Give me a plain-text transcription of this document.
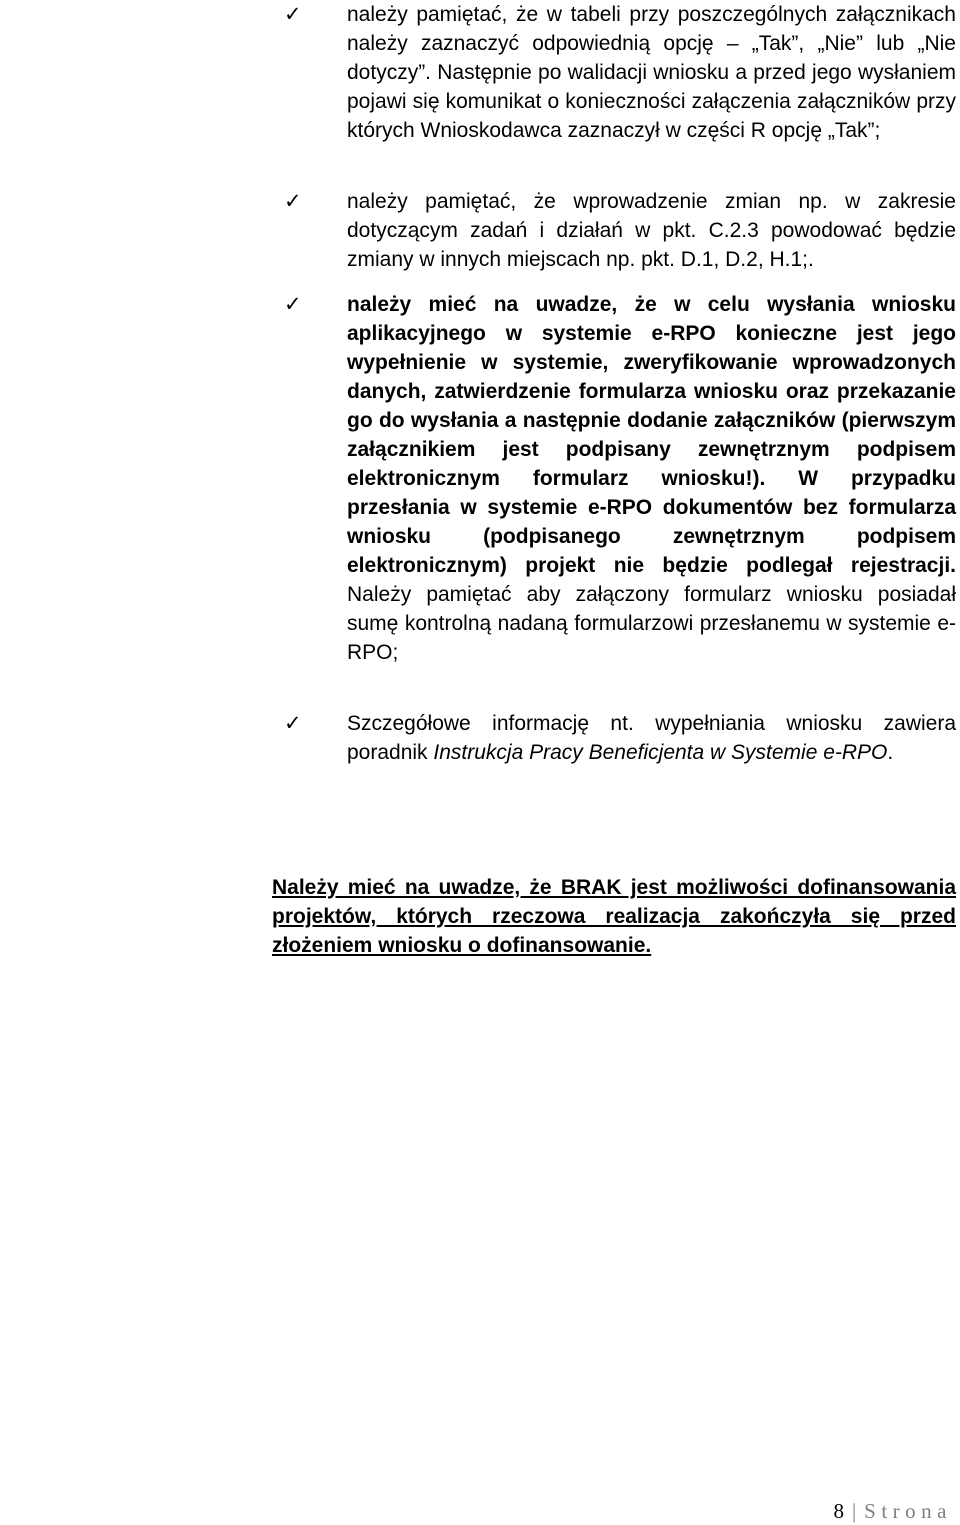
✓ należy pamiętać, że w tabeli przy poszczególnych załącznikach należy zaznaczyć odpowiednią opcję – „Tak”, „Nie” lub „Nie dotyczy”. Następnie po walidacji wniosku a przed jego wysłaniem pojawi się komunikat o konieczności załączenia załączników przy których Wnioskodawca zaznaczył w części R opcję „Tak”;
✓ należy pamiętać, że wprowadzenie zmian np. w zakresie dotyczącym zadań i działań w pkt. C.2.3 powodować będzie zmiany w innych miejscach np. pkt. D.1, D.2, H.1;.
✓ należy mieć na uwadze, że w celu wysłania wniosku aplikacyjnego w systemie e-RPO konieczne jest jego wypełnienie w systemie, zweryfikowanie wprowadzonych danych, zatwierdzenie formularza wniosku oraz przekazanie go do wysłania a następnie dodanie załączników (pierwszym załącznikiem jest podpisany zewnętrznym podpisem elektronicznym formularz wniosku!). W przypadku przesłania w systemie e-RPO dokumentów bez formularza wniosku (podpisanego zewnętrznym podpisem elektronicznym) projekt nie będzie podlegał rejestracji. Należy pamiętać aby załączony formularz wniosku posiadał sumę kontrolną nadaną formularzowi przesłanemu w systemie e-RPO;
✓ Szczegółowe informację nt. wypełniania wniosku zawiera poradnik Instrukcja Pracy Beneficjenta w Systemie e-RPO.
Należy mieć na uwadze, że BRAK jest możliwości dofinansowania projektów, których rzeczowa realizacja zakończyła się przed złożeniem wniosku o dofinansowanie.
8 | Strona
